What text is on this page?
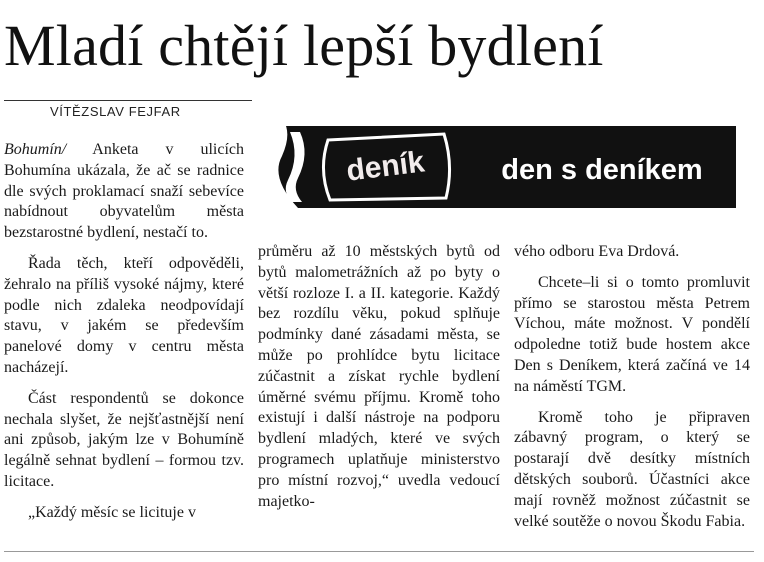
Mladí chtějí lepší bydlení
VÍTĚZSLAV FEJFAR
deník	den s deníkem

Bohumín/ Anketa v ulicích Bohumína ukázala, že ač se radnice dle svých proklamací snaží sebevíce nabídnout obyvatelům města bezstarostné bydlení, nestačí to.

Řada těch, kteří odpověděli, žehralo na příliš vysoké nájmy, které podle nich zdaleka neodpovídají stavu, v jakém se především panelové domy v centru města nacházejí.

Část respondentů se dokonce nechala slyšet, že nejšťastnější není ani způsob, jakým lze v Bohumíně legálně sehnat bydlení – formou tzv. licitace.

„Každý měsíc se licituje v

průměru až 10 městských bytů od bytů malometrážních až po byty o větší rozloze I. a II. kategorie. Každý bez rozdílu věku, pokud splňuje podmínky dané zásadami města, se může po prohlídce bytu licitace zúčastnit a získat rychle bydlení úměrné svému příjmu. Kromě toho existují i další nástroje na podporu bydlení mladých, které ve svých programech uplatňuje ministerstvo pro místní rozvoj,“ uvedla vedoucí majetko-

vého odboru Eva Drdová.

Chcete–li si o tomto promluvit přímo se starostou města Petrem Víchou, máte možnost. V pondělí odpoledne totiž bude hostem akce Den s Deníkem, která začíná ve 14 na náměstí TGM.

Kromě toho je připraven zábavný program, o který se postarají dvě desítky místních dětských souborů. Účastníci akce mají rovněž možnost zúčastnit se velké soutěže o novou Škodu Fabia.
